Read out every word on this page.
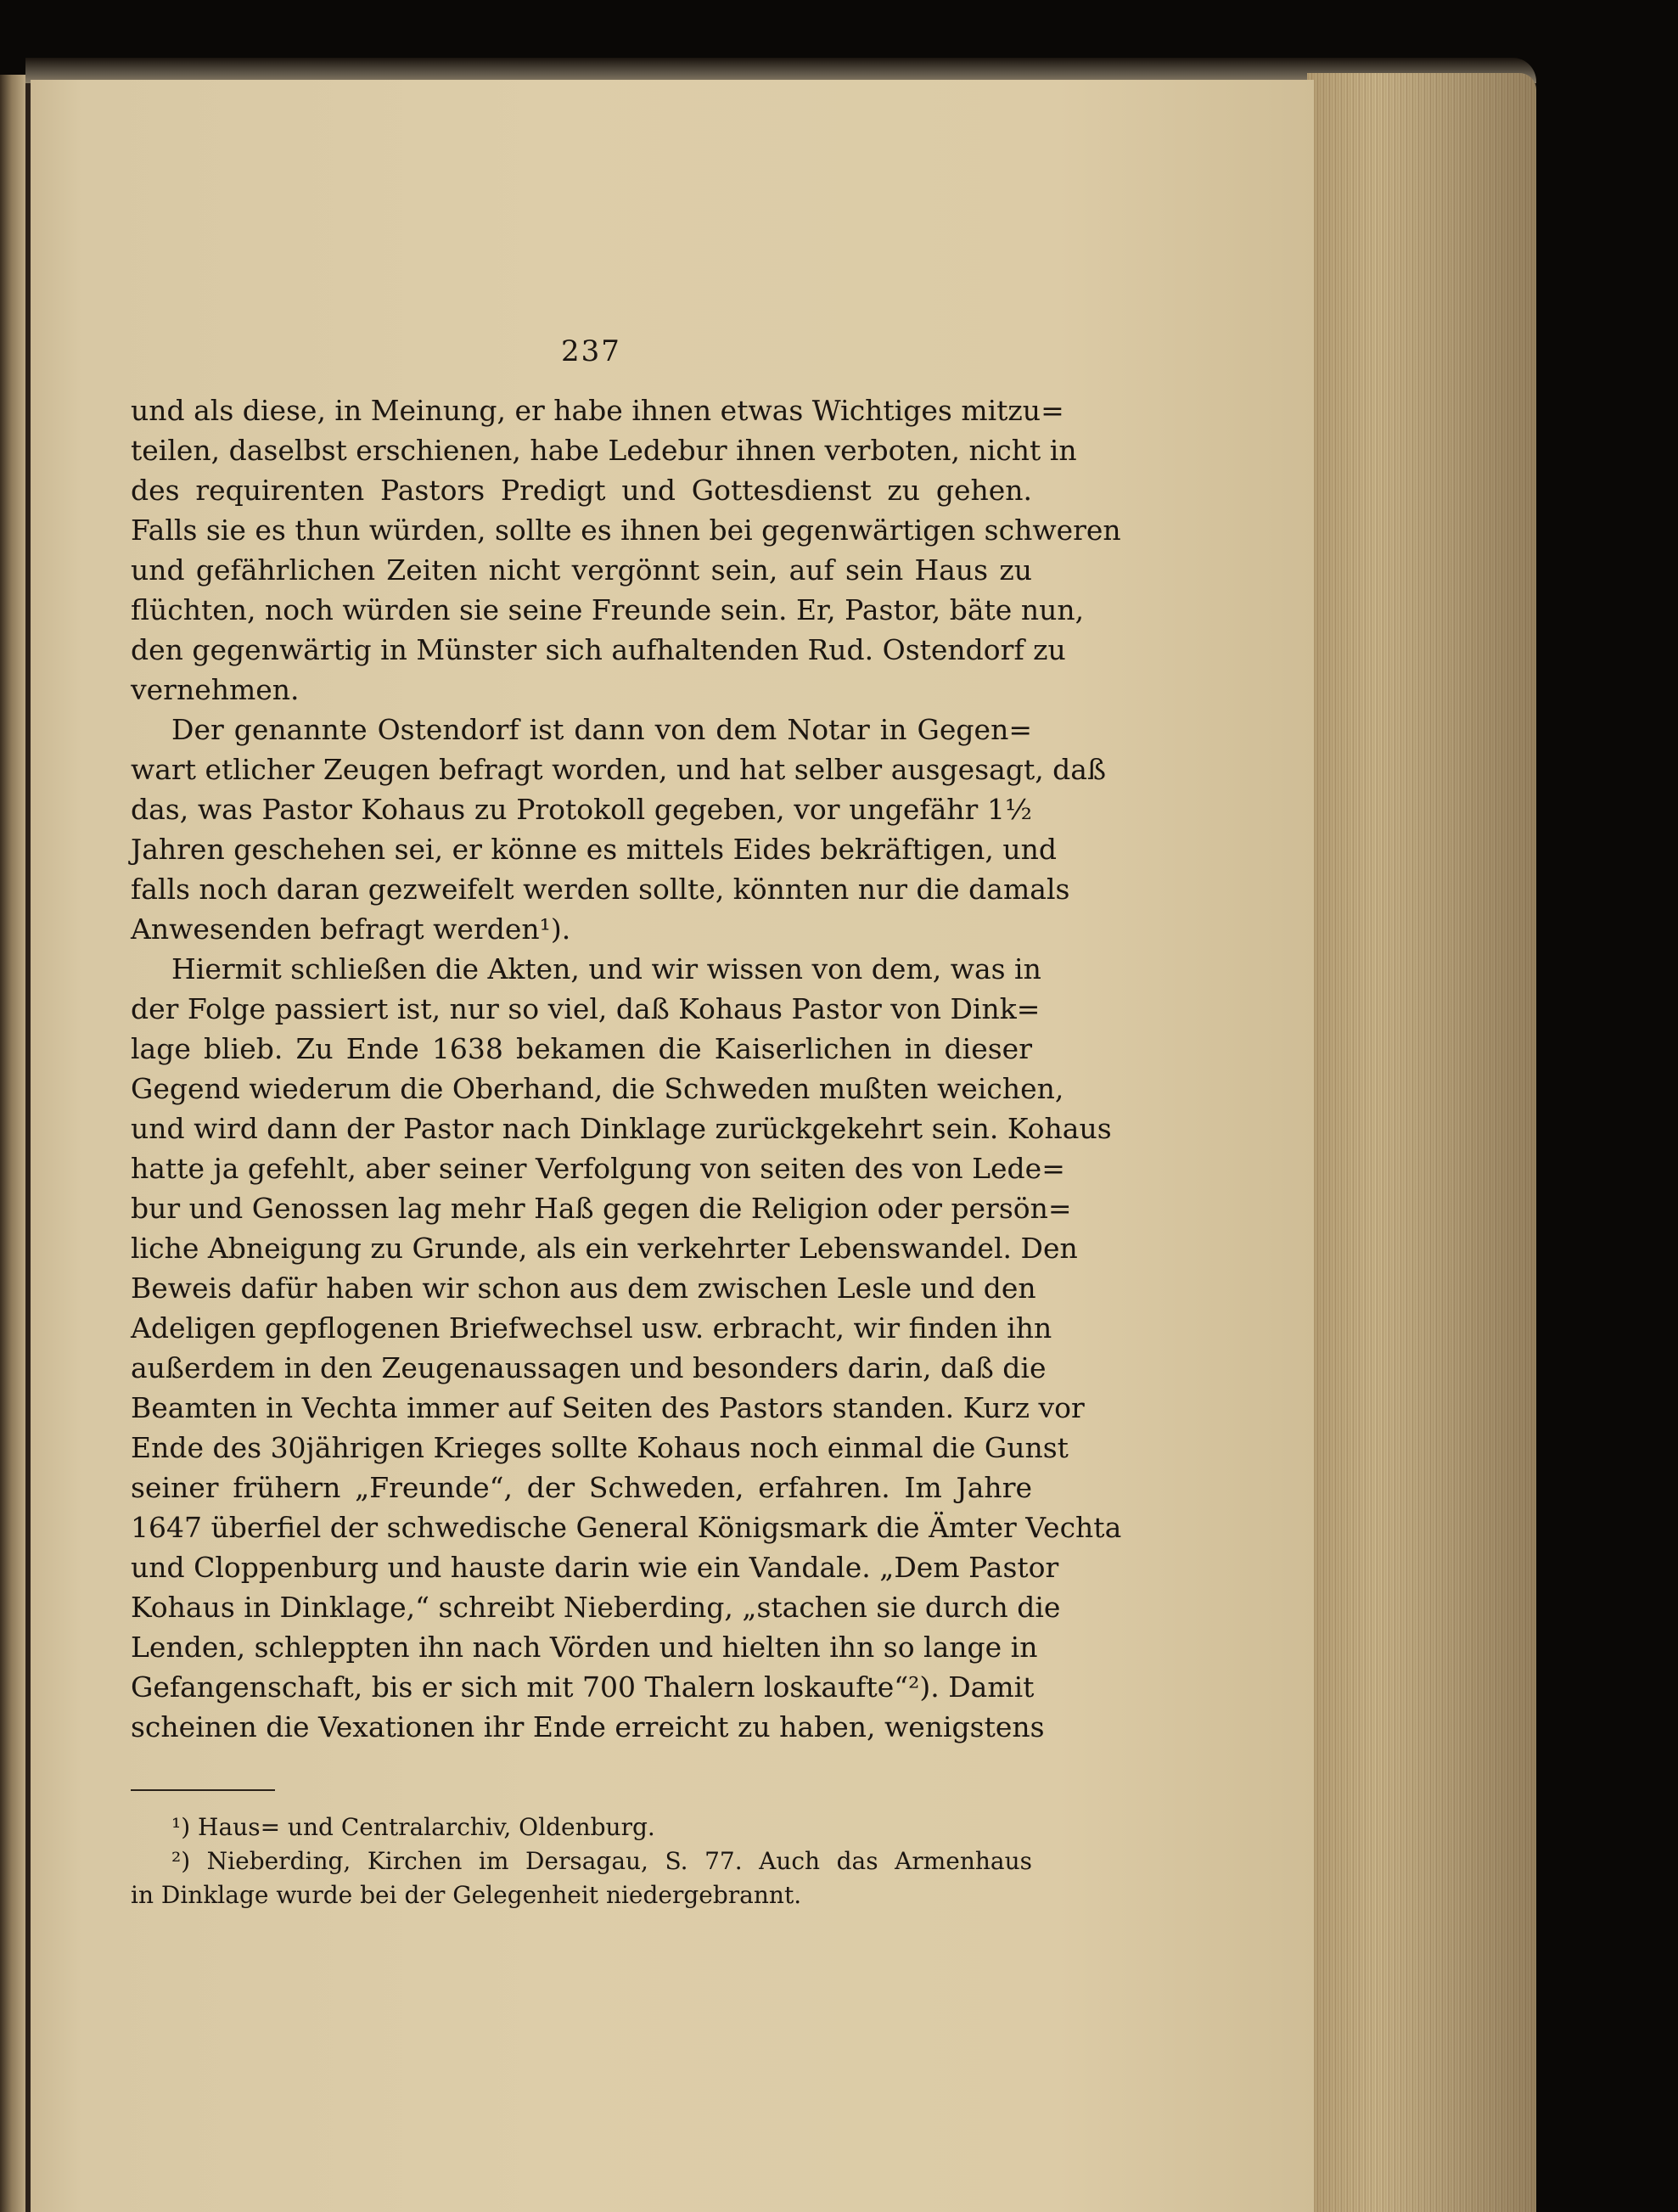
237
und als diese, in Meinung, er habe ihnen etwas Wichtiges mitzu=
teilen, daselbst erschienen, habe Ledebur ihnen verboten, nicht in
des requirenten Pastors Predigt und Gottesdienst zu gehen.
Falls sie es thun würden, sollte es ihnen bei gegenwärtigen schweren
und gefährlichen Zeiten nicht vergönnt sein, auf sein Haus zu
flüchten, noch würden sie seine Freunde sein. Er, Pastor, bäte nun,
den gegenwärtig in Münster sich aufhaltenden Rud. Ostendorf zu
vernehmen.
Der genannte Ostendorf ist dann von dem Notar in Gegen=
wart etlicher Zeugen befragt worden, und hat selber ausgesagt, daß
das, was Pastor Kohaus zu Protokoll gegeben, vor ungefähr 1½
Jahren geschehen sei, er könne es mittels Eides bekräftigen, und
falls noch daran gezweifelt werden sollte, könnten nur die damals
Anwesenden befragt werden¹).
Hiermit schließen die Akten, und wir wissen von dem, was in
der Folge passiert ist, nur so viel, daß Kohaus Pastor von Dink=
lage blieb. Zu Ende 1638 bekamen die Kaiserlichen in dieser
Gegend wiederum die Oberhand, die Schweden mußten weichen,
und wird dann der Pastor nach Dinklage zurückgekehrt sein. Kohaus
hatte ja gefehlt, aber seiner Verfolgung von seiten des von Lede=
bur und Genossen lag mehr Haß gegen die Religion oder persön=
liche Abneigung zu Grunde, als ein verkehrter Lebenswandel. Den
Beweis dafür haben wir schon aus dem zwischen Lesle und den
Adeligen gepflogenen Briefwechsel usw. erbracht, wir finden ihn
außerdem in den Zeugenaussagen und besonders darin, daß die
Beamten in Vechta immer auf Seiten des Pastors standen. Kurz vor
Ende des 30jährigen Krieges sollte Kohaus noch einmal die Gunst
seiner frühern „Freunde“, der Schweden, erfahren. Im Jahre
1647 überfiel der schwedische General Königsmark die Ämter Vechta
und Cloppenburg und hauste darin wie ein Vandale. „Dem Pastor
Kohaus in Dinklage,“ schreibt Nieberding, „stachen sie durch die
Lenden, schleppten ihn nach Vörden und hielten ihn so lange in
Gefangenschaft, bis er sich mit 700 Thalern loskaufte“²). Damit
scheinen die Vexationen ihr Ende erreicht zu haben, wenigstens
¹) Haus= und Centralarchiv, Oldenburg.
²) Nieberding, Kirchen im Dersagau, S. 77. Auch das Armenhaus
in Dinklage wurde bei der Gelegenheit niedergebrannt.
